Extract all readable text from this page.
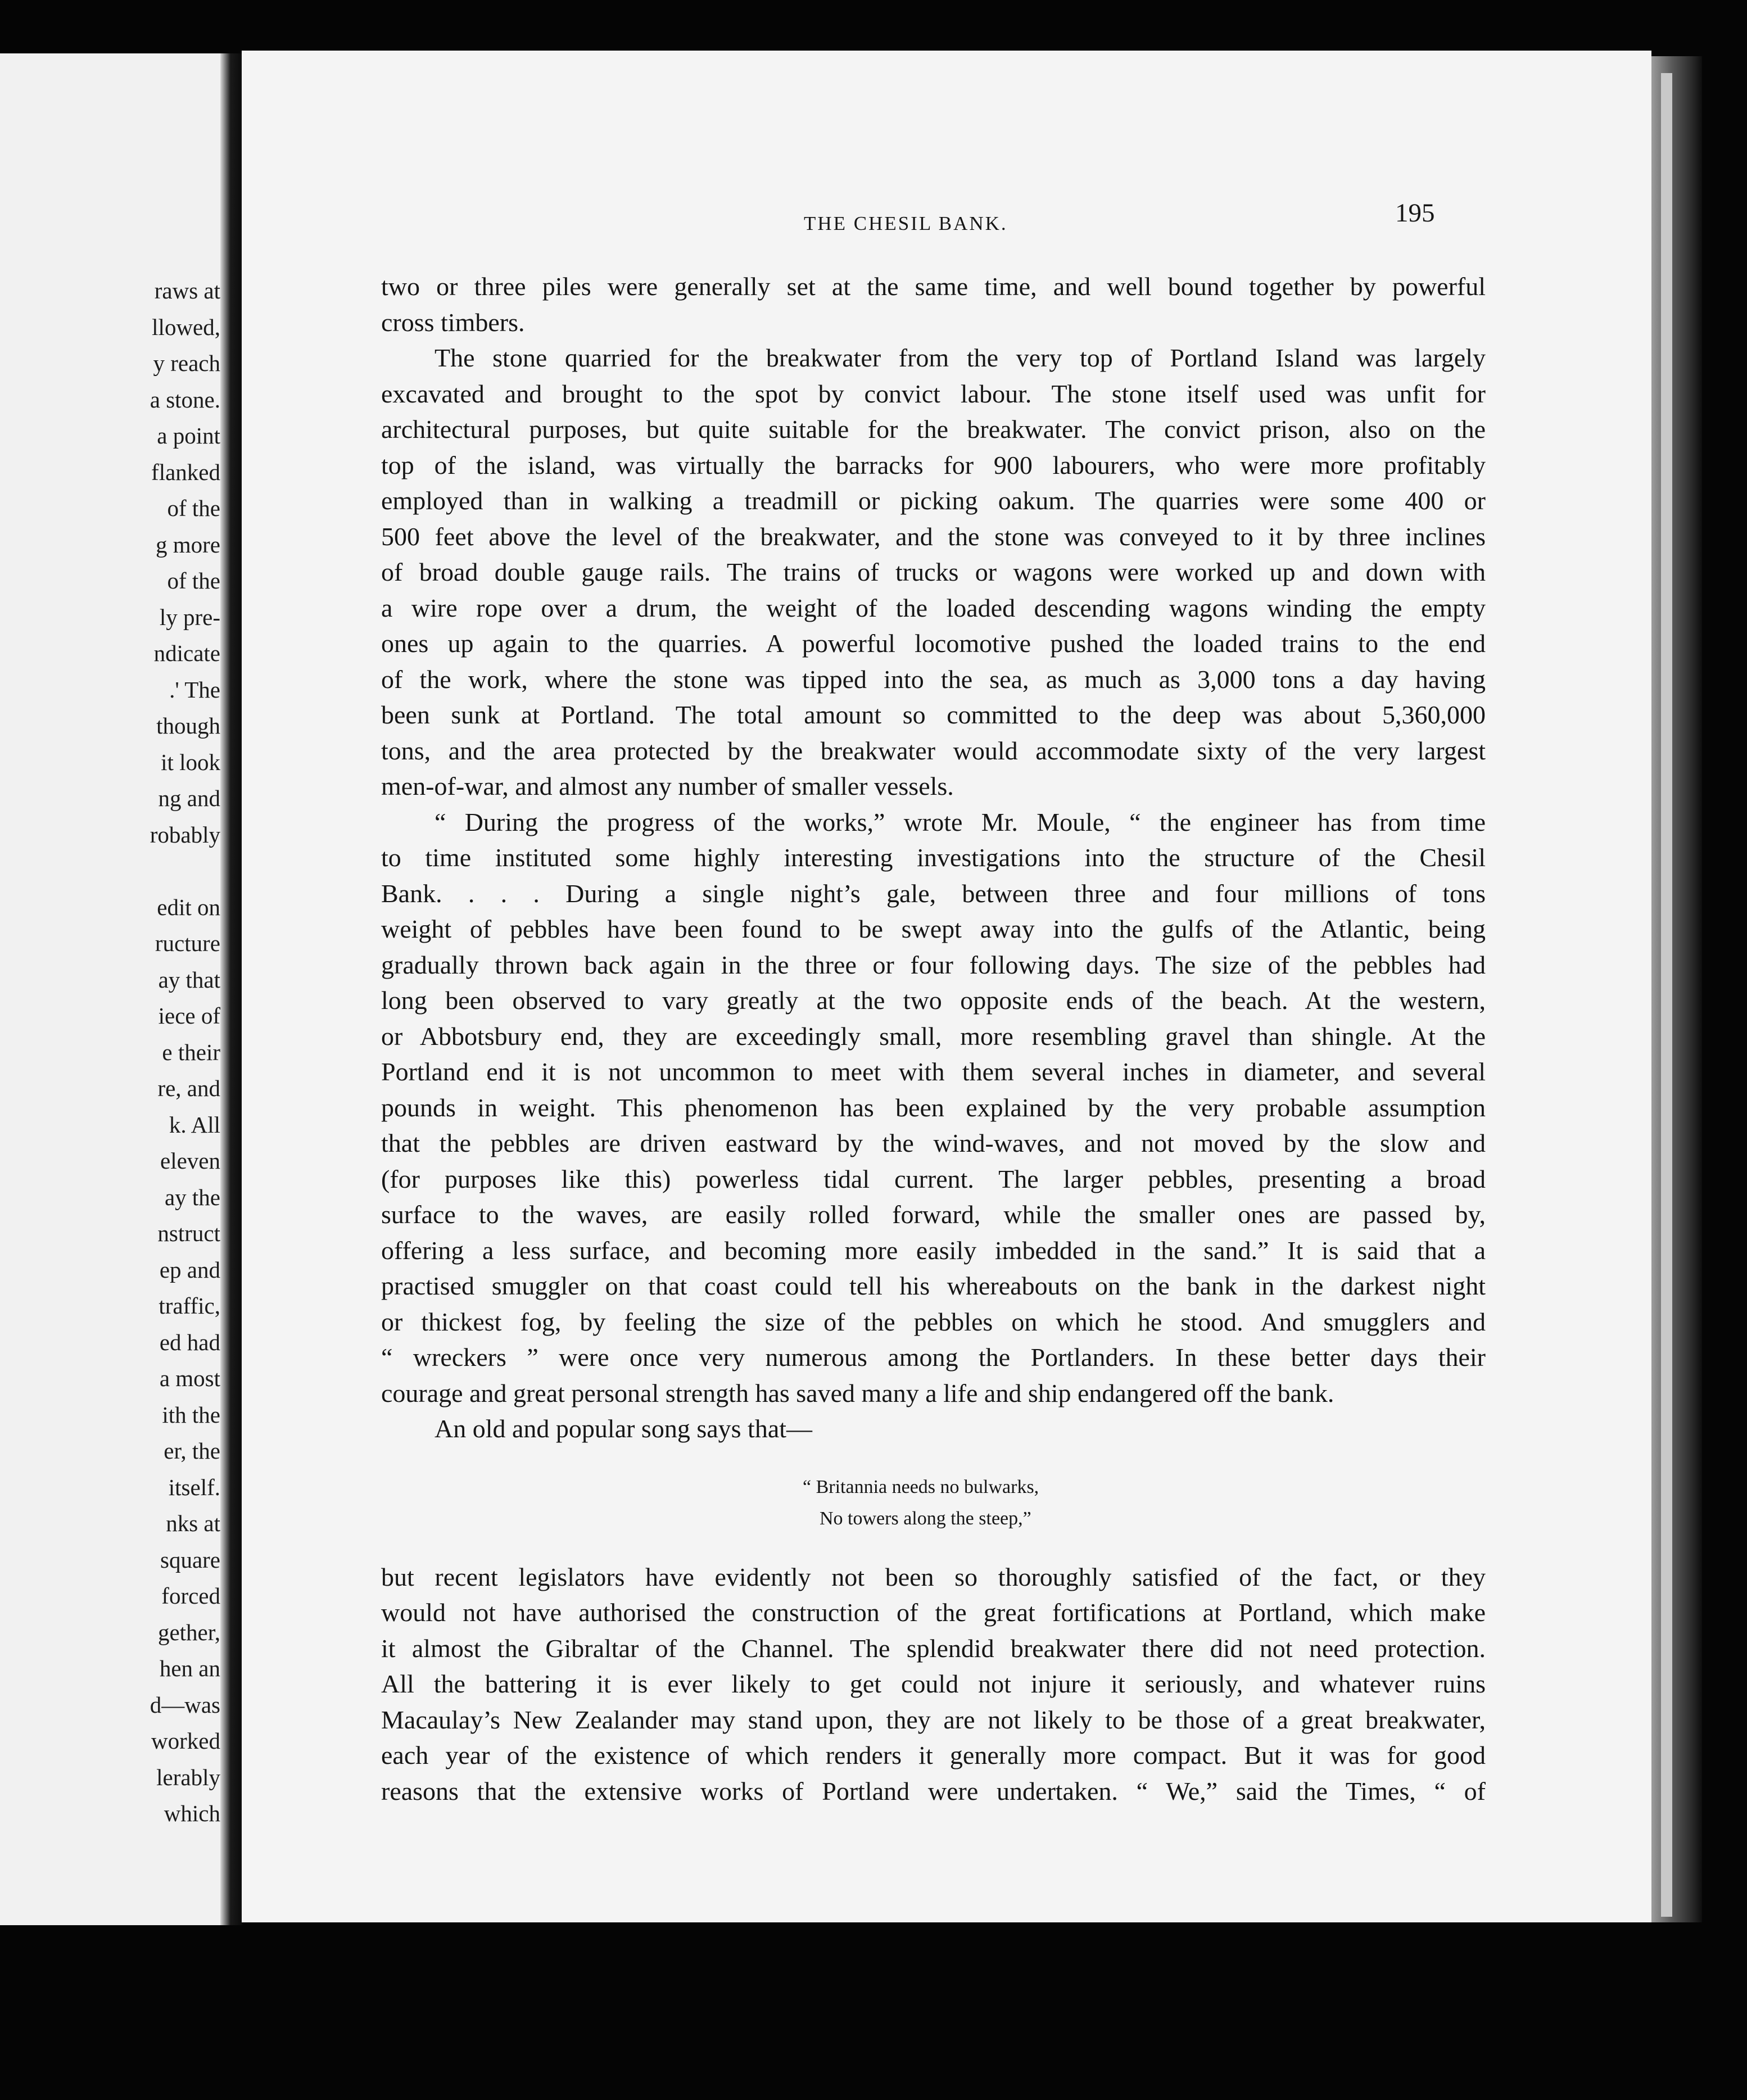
raws at
llowed,
y reach
a stone.
a point
flanked
of the
g more
of the
ly pre-
ndicate
.' The
though
it look
ng and
robably
edit on
ructure
ay that
iece of
e their
re, and
k. All
eleven
ay the
nstruct
ep and
traffic,
ed had
a most
ith the
er, the
itself.
nks at
square
forced
gether,
hen an
d—was
worked
lerably
which
THE CHESIL BANK.	195
two or three piles were generally set at the same time, and well bound together by powerful
cross timbers.
The stone quarried for the breakwater from the very top of Portland Island was largely
excavated and brought to the spot by convict labour. The stone itself used was unfit for
architectural purposes, but quite suitable for the breakwater. The convict prison, also on the
top of the island, was virtually the barracks for 900 labourers, who were more profitably
employed than in walking a treadmill or picking oakum. The quarries were some 400 or
500 feet above the level of the breakwater, and the stone was conveyed to it by three inclines
of broad double gauge rails. The trains of trucks or wagons were worked up and down with
a wire rope over a drum, the weight of the loaded descending wagons winding the empty
ones up again to the quarries. A powerful locomotive pushed the loaded trains to the end
of the work, where the stone was tipped into the sea, as much as 3,000 tons a day having
been sunk at Portland. The total amount so committed to the deep was about 5,360,000
tons, and the area protected by the breakwater would accommodate sixty of the very largest
men-of-war, and almost any number of smaller vessels.
“ During the progress of the works,” wrote Mr. Moule, “ the engineer has from time
to time instituted some highly interesting investigations into the structure of the Chesil
Bank. . . . During a single night’s gale, between three and four millions of tons
weight of pebbles have been found to be swept away into the gulfs of the Atlantic, being
gradually thrown back again in the three or four following days. The size of the pebbles had
long been observed to vary greatly at the two opposite ends of the beach. At the western,
or Abbotsbury end, they are exceedingly small, more resembling gravel than shingle. At the
Portland end it is not uncommon to meet with them several inches in diameter, and several
pounds in weight. This phenomenon has been explained by the very probable assumption
that the pebbles are driven eastward by the wind-waves, and not moved by the slow and
(for purposes like this) powerless tidal current. The larger pebbles, presenting a broad
surface to the waves, are easily rolled forward, while the smaller ones are passed by,
offering a less surface, and becoming more easily imbedded in the sand.” It is said that a
practised smuggler on that coast could tell his whereabouts on the bank in the darkest night
or thickest fog, by feeling the size of the pebbles on which he stood. And smugglers and
“ wreckers ” were once very numerous among the Portlanders. In these better days their
courage and great personal strength has saved many a life and ship endangered off the bank.
An old and popular song says that—
“ Britannia needs no bulwarks,
No towers along the steep,”
but recent legislators have evidently not been so thoroughly satisfied of the fact, or they
would not have authorised the construction of the great fortifications at Portland, which make
it almost the Gibraltar of the Channel. The splendid breakwater there did not need protection.
All the battering it is ever likely to get could not injure it seriously, and whatever ruins
Macaulay’s New Zealander may stand upon, they are not likely to be those of a great breakwater,
each year of the existence of which renders it generally more compact. But it was for good
reasons that the extensive works of Portland were undertaken. “ We,” said the Times, “ of
